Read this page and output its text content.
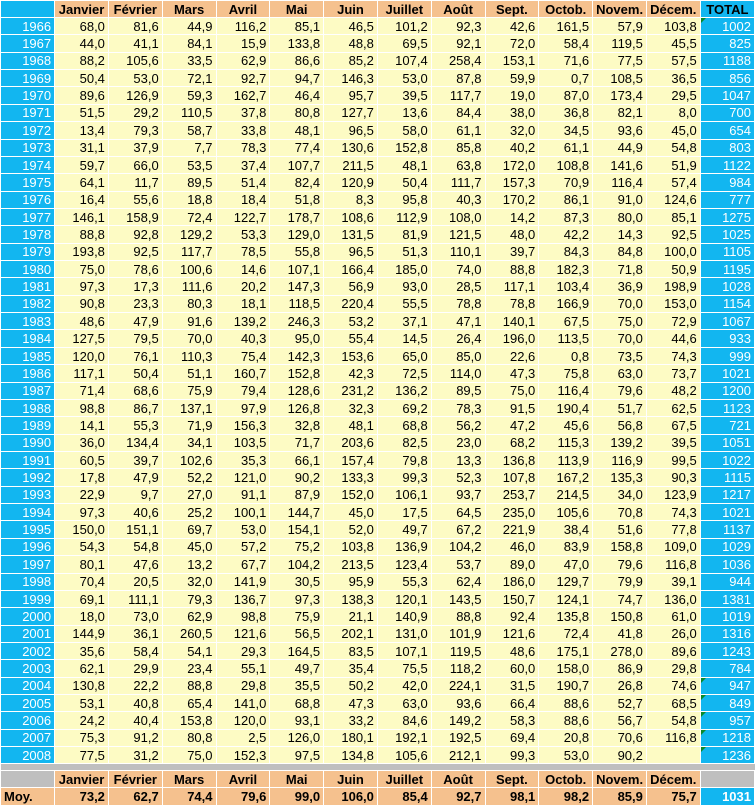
	Janvier	Février	Mars	Avril	Mai	Juin	Juillet	Août	Sept.	Octob.	Novem.	Décem.	TOTAL
1966	68,0	81,6	44,9	116,2	85,1	46,5	101,2	92,3	42,6	161,5	57,9	103,8	1002
1967	44,0	41,1	84,1	15,9	133,8	48,8	69,5	92,1	72,0	58,4	119,5	45,5	825
1968	88,2	105,6	33,5	62,9	86,6	85,2	107,4	258,4	153,1	71,6	77,5	57,5	1188
1969	50,4	53,0	72,1	92,7	94,7	146,3	53,0	87,8	59,9	0,7	108,5	36,5	856
1970	89,6	126,9	59,3	162,7	46,4	95,7	39,5	117,7	19,0	87,0	173,4	29,5	1047
1971	51,5	29,2	110,5	37,8	80,8	127,7	13,6	84,4	38,0	36,8	82,1	8,0	700
1972	13,4	79,3	58,7	33,8	48,1	96,5	58,0	61,1	32,0	34,5	93,6	45,0	654
1973	31,1	37,9	7,7	78,3	77,4	130,6	152,8	85,8	40,2	61,1	44,9	54,8	803
1974	59,7	66,0	53,5	37,4	107,7	211,5	48,1	63,8	172,0	108,8	141,6	51,9	1122
1975	64,1	11,7	89,5	51,4	82,4	120,9	50,4	111,7	157,3	70,9	116,4	57,4	984
1976	16,4	55,6	18,8	18,4	51,8	8,3	95,8	40,3	170,2	86,1	91,0	124,6	777
1977	146,1	158,9	72,4	122,7	178,7	108,6	112,9	108,0	14,2	87,3	80,0	85,1	1275
1978	88,8	92,8	129,2	53,3	129,0	131,5	81,9	121,5	48,0	42,2	14,3	92,5	1025
1979	193,8	92,5	117,7	78,5	55,8	96,5	51,3	110,1	39,7	84,3	84,8	100,0	1105
1980	75,0	78,6	100,6	14,6	107,1	166,4	185,0	74,0	88,8	182,3	71,8	50,9	1195
1981	97,3	17,3	111,6	20,2	147,3	56,9	93,0	28,5	117,1	103,4	36,9	198,9	1028
1982	90,8	23,3	80,3	18,1	118,5	220,4	55,5	78,8	78,8	166,9	70,0	153,0	1154
1983	48,6	47,9	91,6	139,2	246,3	53,2	37,1	47,1	140,1	67,5	75,0	72,9	1067
1984	127,5	79,5	70,0	40,3	95,0	55,4	14,5	26,4	196,0	113,5	70,0	44,6	933
1985	120,0	76,1	110,3	75,4	142,3	153,6	65,0	85,0	22,6	0,8	73,5	74,3	999
1986	117,1	50,4	51,1	160,7	152,8	42,3	72,5	114,0	47,3	75,8	63,0	73,7	1021
1987	71,4	68,6	75,9	79,4	128,6	231,2	136,2	89,5	75,0	116,4	79,6	48,2	1200
1988	98,8	86,7	137,1	97,9	126,8	32,3	69,2	78,3	91,5	190,4	51,7	62,5	1123
1989	14,1	55,3	71,9	156,3	32,8	48,1	68,8	56,2	47,2	45,6	56,8	67,5	721
1990	36,0	134,4	34,1	103,5	71,7	203,6	82,5	23,0	68,2	115,3	139,2	39,5	1051
1991	60,5	39,7	102,6	35,3	66,1	157,4	79,8	13,3	136,8	113,9	116,9	99,5	1022
1992	17,8	47,9	52,2	121,0	90,2	133,3	99,3	52,3	107,8	167,2	135,3	90,3	1115
1993	22,9	9,7	27,0	91,1	87,9	152,0	106,1	93,7	253,7	214,5	34,0	123,9	1217
1994	97,3	40,6	25,2	100,1	144,7	45,0	17,5	64,5	235,0	105,6	70,8	74,3	1021
1995	150,0	151,1	69,7	53,0	154,1	52,0	49,7	67,2	221,9	38,4	51,6	77,8	1137
1996	54,3	54,8	45,0	57,2	75,2	103,8	136,9	104,2	46,0	83,9	158,8	109,0	1029
1997	80,1	47,6	13,2	67,7	104,2	213,5	123,4	53,7	89,0	47,0	79,6	116,8	1036
1998	70,4	20,5	32,0	141,9	30,5	95,9	55,3	62,4	186,0	129,7	79,9	39,1	944
1999	69,1	111,1	79,3	136,7	97,3	138,3	120,1	143,5	150,7	124,1	74,7	136,0	1381
2000	18,0	73,0	62,9	98,8	75,9	21,1	140,9	88,8	92,4	135,8	150,8	61,0	1019
2001	144,9	36,1	260,5	121,6	56,5	202,1	131,0	101,9	121,6	72,4	41,8	26,0	1316
2002	35,6	58,4	54,1	29,3	164,5	83,5	107,1	119,5	48,6	175,1	278,0	89,6	1243
2003	62,1	29,9	23,4	55,1	49,7	35,4	75,5	118,2	60,0	158,0	86,9	29,8	784
2004	130,8	22,2	88,8	29,8	35,5	50,2	42,0	224,1	31,5	190,7	26,8	74,6	947
2005	53,1	40,8	65,4	141,0	68,8	47,3	63,0	93,6	66,4	88,6	52,7	68,5	849
2006	24,2	40,4	153,8	120,0	93,1	33,2	84,6	149,2	58,3	88,6	56,7	54,8	957
2007	75,3	91,2	80,8	2,5	126,0	180,1	192,1	192,5	69,4	20,8	70,6	116,8	1218
2008	77,5	31,2	75,0	152,3	97,5	134,8	105,6	212,1	99,3	53,0	90,2		1236

	Janvier	Février	Mars	Avril	Mai	Juin	Juillet	Août	Sept.	Octob.	Novem.	Décem.	
Moy.	73,2	62,7	74,4	79,6	99,0	106,0	85,4	92,7	98,1	98,2	85,9	75,7	1031
